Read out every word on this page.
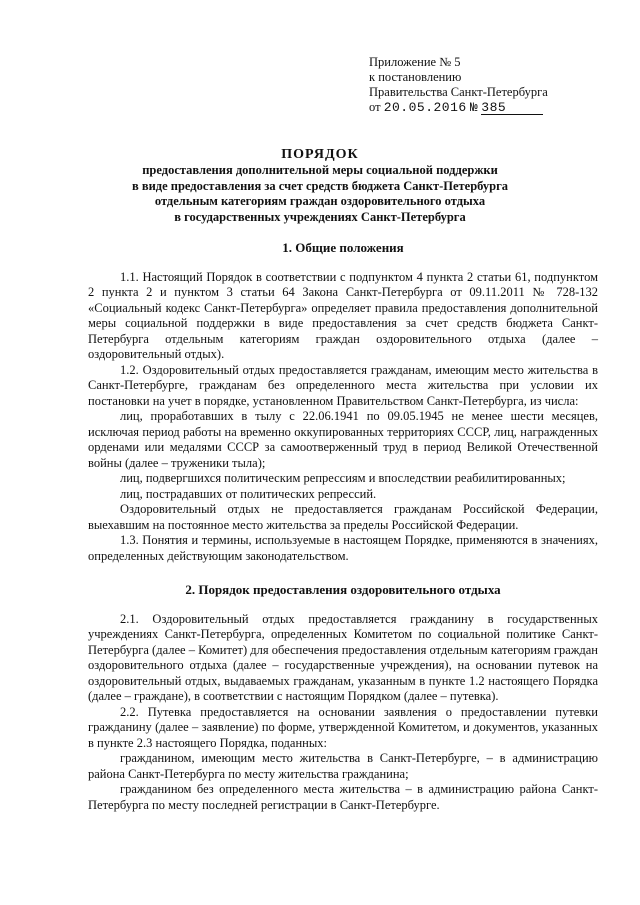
Приложение № 5
к постановлению
Правительства Санкт-Петербурга
от 20.05.2016 № 385
ПОРЯДОК
предоставления дополнительной меры социальной поддержки
в виде предоставления за счет средств бюджета Санкт-Петербурга
отдельным категориям граждан оздоровительного отдыха
в государственных учреждениях Санкт-Петербурга
1. Общие положения

1.1. Настоящий Порядок в соответствии с подпунктом 4 пункта 2 статьи 61, подпунктом 2 пункта 2 и пунктом 3 статьи 64 Закона Санкт-Петербурга от 09.11.2011 № 728-132 «Социальный кодекс Санкт-Петербурга» определяет правила предоставления дополнительной меры социальной поддержки в виде предоставления за счет средств бюджета Санкт-Петербурга отдельным категориям граждан оздоровительного отдыха (далее – оздоровительный отдых).

1.2. Оздоровительный отдых предоставляется гражданам, имеющим место жительства в Санкт-Петербурге, гражданам без определенного места жительства при условии их постановки на учет в порядке, установленном Правительством Санкт-Петербурга, из числа:

лиц, проработавших в тылу с 22.06.1941 по 09.05.1945 не менее шести месяцев, исключая период работы на временно оккупированных территориях СССР, лиц, награжденных орденами или медалями СССР за самоотверженный труд в период Великой Отечественной войны (далее – труженики тыла);

лиц, подвергшихся политическим репрессиям и впоследствии реабилитированных;

лиц, пострадавших от политических репрессий.

Оздоровительный отдых не предоставляется гражданам Российской Федерации, выехавшим на постоянное место жительства за пределы Российской Федерации.

1.3. Понятия и термины, используемые в настоящем Порядке, применяются в значениях, определенных действующим законодательством.

2. Порядок предоставления оздоровительного отдыха

2.1. Оздоровительный отдых предоставляется гражданину в государственных учреждениях Санкт-Петербурга, определенных Комитетом по социальной политике Санкт-Петербурга (далее – Комитет) для обеспечения предоставления отдельным категориям граждан оздоровительного отдыха (далее – государственные учреждения), на основании путевок на оздоровительный отдых, выдаваемых гражданам, указанным в пункте 1.2 настоящего Порядка (далее – граждане), в соответствии с настоящим Порядком (далее – путевка).

2.2. Путевка предоставляется на основании заявления о предоставлении путевки гражданину (далее – заявление) по форме, утвержденной Комитетом, и документов, указанных в пункте 2.3 настоящего Порядка, поданных:

гражданином, имеющим место жительства в Санкт-Петербурге, – в администрацию района Санкт-Петербурга по месту жительства гражданина;

гражданином без определенного места жительства – в администрацию района Санкт-Петербурга по месту последней регистрации в Санкт-Петербурге.
